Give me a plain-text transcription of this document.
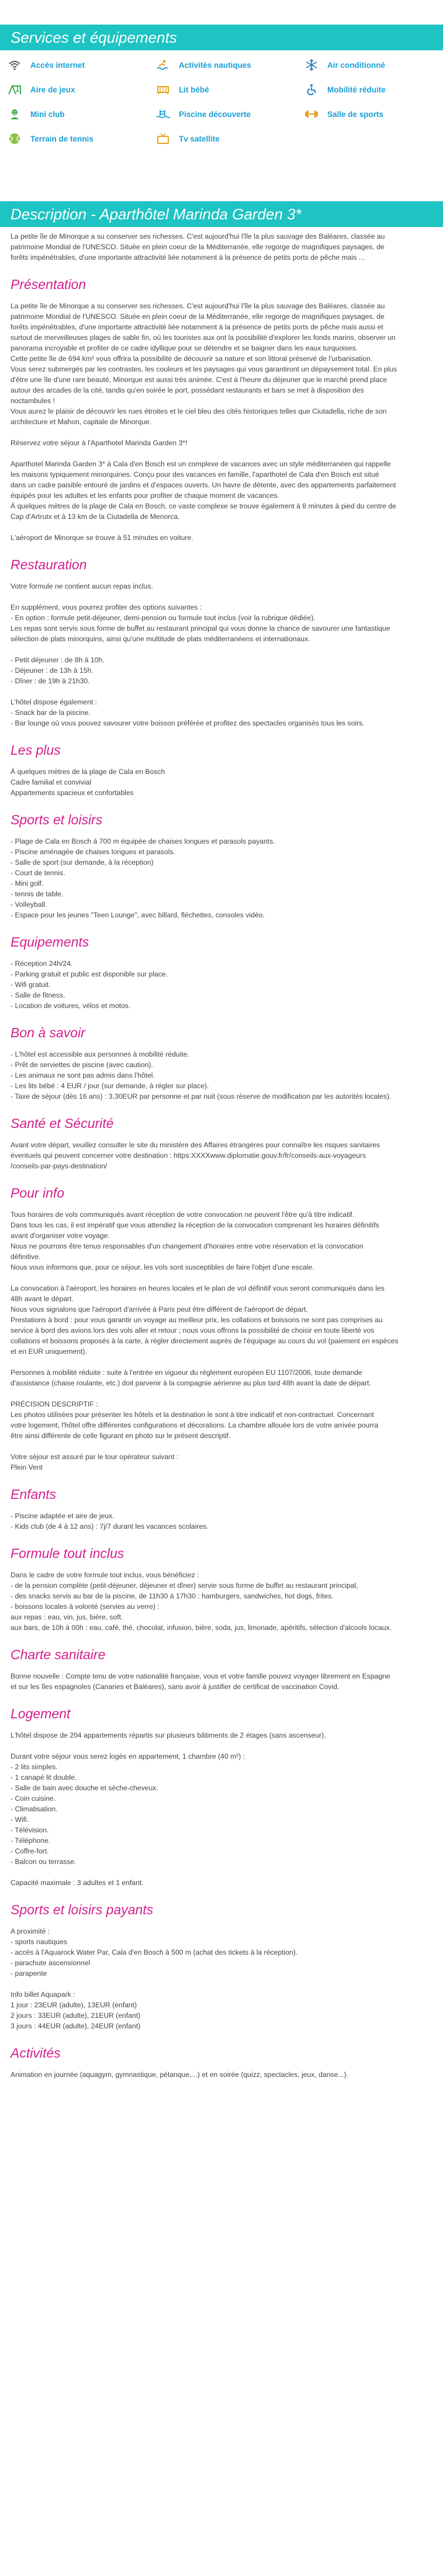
Services et équipements
Accès internet	Activités nautiques	Air conditionné
Aire de jeux	Lit bébé	Mobilité réduite
Mini club	Piscine découverte	Salle de sports
Terrain de tennis	Tv satellite
Description - Aparthôtel Marinda Garden 3*
La petite île de Minorque a su conserver ses richesses. C'est aujourd'hui l'île la plus sauvage des Baléares, classée au
patrimoine Mondial de l'UNESCO. Située en plein coeur de la Méditerranée, elle regorge de magnifiques paysages, de
forêts impénétrables, d'une importante attractivité liée notamment à la présence de petits ports de pêche mais ...
Présentation
La petite île de Minorque a su conserver ses richesses. C'est aujourd'hui l'île la plus sauvage des Baléares, classée au
patrimoine Mondial de l'UNESCO. Située en plein coeur de la Méditerranée, elle regorge de magnifiques paysages, de
forêts impénétrables, d'une importante attractivité liée notamment à la présence de petits ports de pêche mais aussi et
surtout de merveilleuses plages de sable fin, où les touristes aux ont la possibilité d'explorer les fonds marins, observer un
panorama incroyable et profiter de ce cadre idyllique pour se détendre et se baigner dans les eaux turquoises.
Cette petite île de 694 km² vous offrira la possibilité de découvrir sa nature et son littoral préservé de l'urbanisation.
Vous serez submergés par les contrastes, les couleurs et les paysages qui vous garantiront un dépaysement total. En plus
d'être une île d'une rare beauté, Minorque est aussi très animée. C'est à l'heure du déjeuner que le marché prend place
autour des arcades de la cité, tandis qu'en soirée le port, possédant restaurants et bars se met à disposition des
noctambules !
Vous aurez le plaisir de découvrir les rues étroites et le ciel bleu des cités historiques telles que Ciutadella, riche de son
architecture et Mahon, capitale de Minorque.
Réservez votre séjour à l'Aparthotel Marinda Garden 3*!
Aparthotel Marinda Garden 3* à Cala d'en Bosch est un complexe de vacances avec un style méditerranéen qui rappelle
les maisons typiquement minorquines. Conçu pour des vacances en famille, l'aparthotel de Cala d'en Bosch est situé
dans un cadre paisible entouré de jardins et d'espaces ouverts. Un havre de détente, avec des appartements parfaitement
équipés pour les adultes et les enfants pour profiter de chaque moment de vacances.
À quelques mètres de la plage de Cala en Bosch, ce vaste complexe se trouve également à 8 minutes à pied du centre de
Cap d'Artrutx et à 13 km de la Ciutadella de Menorca.
L'aéroport de Minorque se trouve à 51 minutes en voiture.
Restauration
Votre formule ne contient aucun repas inclus.
En supplément, vous pourrez profiter des options suivantes :
- En option : formule petit-déjeuner, demi-pension ou formule tout inclus (voir la rubrique dédiée).
Les repas sont servis sous forme de buffet au restaurant principal qui vous donne la chance de savourer une fantastique
sélection de plats minorquins, ainsi qu'une multitude de plats méditerranéens et internationaux.
- Petit déjeuner : de 8h à 10h.
- Déjeuner : de 13h à 15h.
- Dîner : de 19h à 21h30.
L'hôtel dispose également :
- Snack bar de la piscine.
- Bar lounge où vous pouvez savourer votre boisson préférée et profitez des spectacles organisés tous les soirs.
Les plus
À quelques mètres de la plage de Cala en Bosch
Cadre familial et convivial
Appartements spacieux et confortables
Sports et loisirs
- Plage de Cala en Bosch à 700 m équipée de chaises longues et parasols payants.
- Piscine aménagée de chaises longues et parasols.
- Salle de sport (sur demande, à la réception)
- Court de tennis.
- Mini golf.
- tennis de table.
- Volleyball.
- Espace pour les jeunes "Teen Lounge", avec billard, fléchettes, consoles vidéo.
Equipements
- Réception 24h/24.
- Parking gratuit et public est disponible sur place.
- Wifi gratuit.
- Salle de fitness.
- Location de voitures, vélos et motos.
Bon à savoir
- L'hôtel est accessible aux personnes à mobilité réduite.
- Prêt de serviettes de piscine (avec caution).
- Les animaux ne sont pas admis dans l'hôtel.
- Les lits bébé : 4 EUR / jour (sur demande, à régler sur place).
- Taxe de séjour (dès 16 ans) : 3,30EUR par personne et par nuit (sous réserve de modification par les autorités locales).
Santé et Sécurité
Avant votre départ, veuillez consulter le site du ministère des Affaires étrangères pour connaître les risques sanitaires
éventuels qui peuvent concerner votre destination : https:XXXXwww.diplomatie.gouv.fr/fr/conseils-aux-voyageurs
/conseils-par-pays-destination/
Pour info
Tous horaires de vols communiqués avant réception de votre convocation ne peuvent l'être qu'à titre indicatif.
Dans tous les cas, il est impératif que vous attendiez la réception de la convocation comprenant les horaires définitifs
avant d'organiser votre voyage.
Nous ne pourrons être tenus responsables d'un changement d'horaires entre votre réservation et la convocation
définitive.
Nous vous informons que, pour ce séjour, les vols sont susceptibles de faire l'objet d'une escale.
La convocation à l'aéroport, les horaires en heures locales et le plan de vol définitif vous seront communiqués dans les
48h avant le départ.
Nous vous signalons que l'aéroport d'arrivée à Paris peut être différent de l'aéroport de départ.
Prestations à bord : pour vous garantir un voyage au meilleur prix, les collations et boissons ne sont pas comprises au
service à bord des avions lors des vols aller et retour ; nous vous offrons la possibilité de choisir en toute liberté vos
collations et boissons proposés à la carte, à régler directement auprès de l'équipage au cours du vol (paiement en espèces
et en EUR uniquement).
Personnes à mobilité réduite : suite à l'entrée en vigueur du règlement européen EU 1107/2006, toute demande
d'assistance (chaise roulante, etc.) doit parvenir à la compagnie aérienne au plus tard 48h avant la date de départ.
PRÉCISION DESCRIPTIF :
Les photos utilisées pour présenter les hôtels et la destination le sont à titre indicatif et non-contractuel. Concernant
votre logement, l'hôtel offre différentes configurations et décorations. La chambre allouée lors de votre arrivée pourra
être ainsi différente de celle figurant en photo sur le présent descriptif.
Votre séjour est assuré par le tour opérateur suivant :
Plein Vent
Enfants
- Piscine adaptée et aire de jeux.
- Kids club (de 4 à 12 ans) : 7j/7 durant les vacances scolaires.
Formule tout inclus
Dans le cadre de votre formule tout inclus, vous bénéficiez :
- de la pension complète (petit-déjeuner, déjeuner et dîner) servie sous forme de buffet au restaurant principal,
- des snacks servis au bar de la piscine, de 11h30 à 17h30 : hamburgers, sandwiches, hot dogs, frites.
- boissons locales à volonté (servies au verre) :
aux repas : eau, vin, jus, bière, soft.
aux bars, de 10h à 00h : eau, café, thé, chocolat, infusion, bière, soda, jus, limonade, apéritifs, sélection d'alcools locaux.
Charte sanitaire
Bonne nouvelle : Compte tenu de votre nationalité française, vous et votre famille pouvez voyager librement en Espagne
et sur les îles espagnoles (Canaries et Baléares), sans avoir à justifier de certificat de vaccination Covid.
Logement
L'hôtel dispose de 204 appartements répartis sur plusieurs bâtiments de 2 étages (sans ascenseur).
Durant votre séjour vous serez logés en appartement, 1 chambre (40 m²) :
- 2 lits simples.
- 1 canapé lit double.
- Salle de bain avec douche et sèche-cheveux.
- Coin cuisine.
- Climatisation.
- Wifi.
- Télévision.
- Téléphone.
- Coffre-fort.
- Balcon ou terrasse.
Capacité maximale : 3 adultes et 1 enfant.
Sports et loisirs payants
A proximité :
- sports nautiques
- accès à l'Aquarock Water Par, Cala d'en Bosch à 500 m (achat des tickets à la réception).
- parachute ascensionnel
- parapente
Info billet Aquapark :
1 jour : 23EUR (adulte), 13EUR (enfant)
2 jours : 33EUR (adulte), 21EUR (enfant)
3 jours : 44EUR (adulte), 24EUR (enfant)
Activités
Animation en journée (aquagym, gymnastique, pétanque,...) et en soirée (quizz, spectacles, jeux, danse...).
